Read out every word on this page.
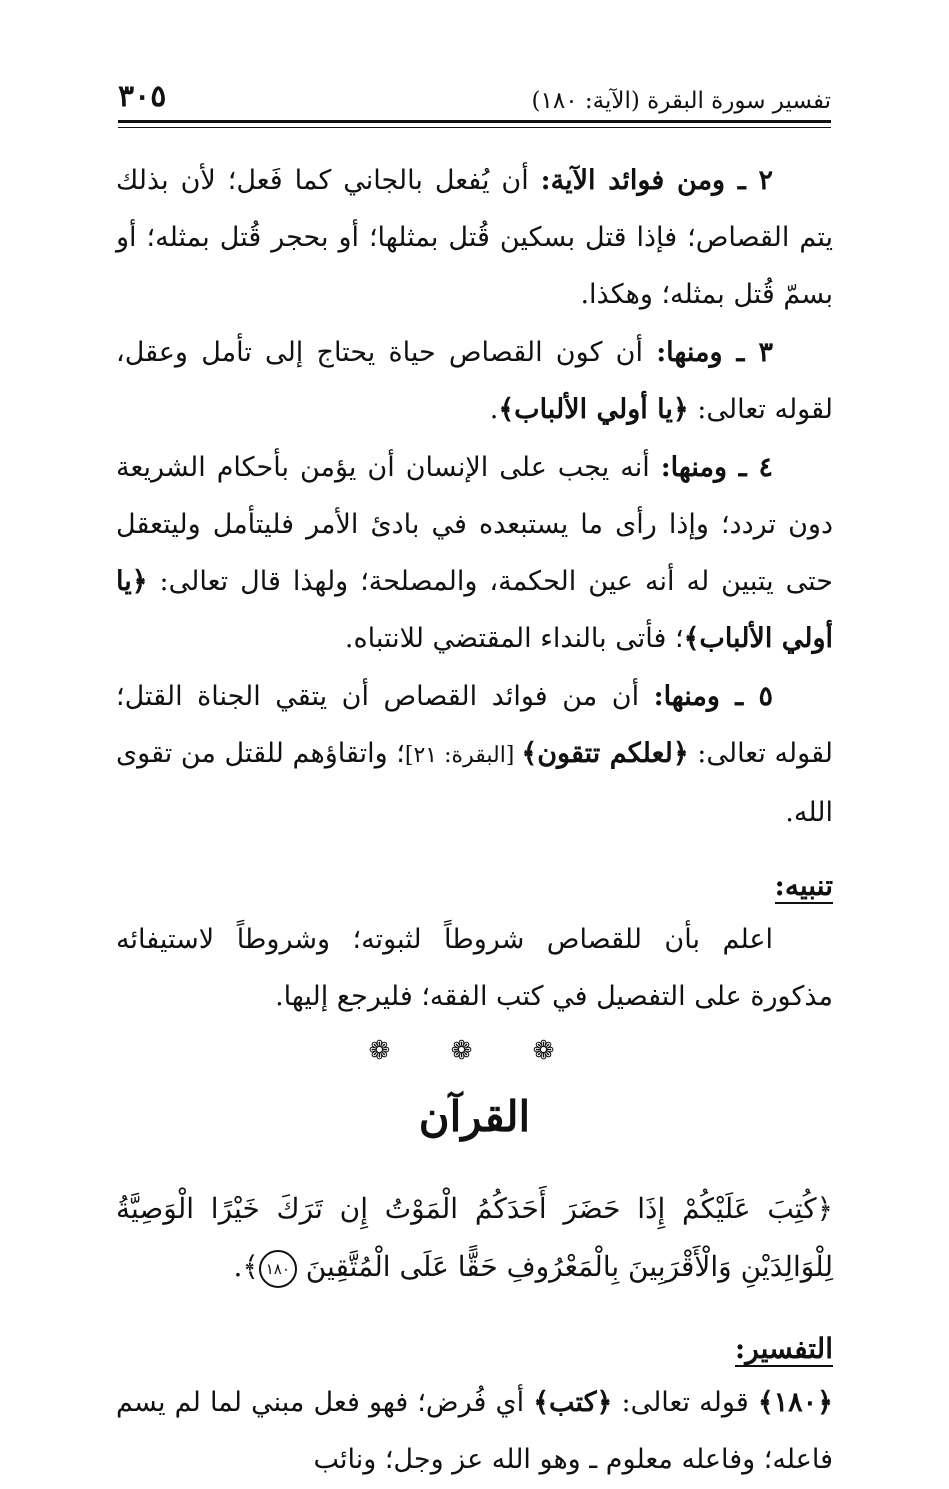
تفسير سورة البقرة (الآية: ١٨٠)
٣٠٥

٢ ـ ومن فوائد الآية: أن يُفعل بالجاني كما فَعل؛ لأن بذلك يتم القصاص؛ فإذا قتل بسكين قُتل بمثلها؛ أو بحجر قُتل بمثله؛ أو بسمّ قُتل بمثله؛ وهكذا.

٣ ـ ومنها: أن كون القصاص حياة يحتاج إلى تأمل وعقل، لقوله تعالى: ﴿يا أولي الألباب﴾.

٤ ـ ومنها: أنه يجب على الإنسان أن يؤمن بأحكام الشريعة دون تردد؛ وإذا رأى ما يستبعده في بادئ الأمر فليتأمل وليتعقل حتى يتبين له أنه عين الحكمة، والمصلحة؛ ولهذا قال تعالى: ﴿يا أولي الألباب﴾؛ فأتى بالنداء المقتضي للانتباه.

٥ ـ ومنها: أن من فوائد القصاص أن يتقي الجناة القتل؛ لقوله تعالى: ﴿لعلكم تتقون﴾ [البقرة: ٢١]؛ واتقاؤهم للقتل من تقوى الله.

تنبيه:

اعلم بأن للقصاص شروطاً لثبوته؛ وشروطاً لاستيفائه مذكورة على التفصيل في كتب الفقه؛ فليرجع إليها.

❁ ❁ ❁

القرآن

﴿كُتِبَ عَلَيْكُمْ إِذَا حَضَرَ أَحَدَكُمُ الْمَوْتُ إِن تَرَكَ خَيْرًا الْوَصِيَّةُ لِلْوَالِدَيْنِ وَالْأَقْرَبِينَ بِالْمَعْرُوفِ حَقًّا عَلَى الْمُتَّقِينَ ١٨٠﴾.

التفسير:

﴿١٨٠﴾ قوله تعالى: ﴿كتب﴾ أي فُرض؛ فهو فعل مبني لما لم يسم فاعله؛ وفاعله معلوم ـ وهو الله عز وجل؛ ونائب
